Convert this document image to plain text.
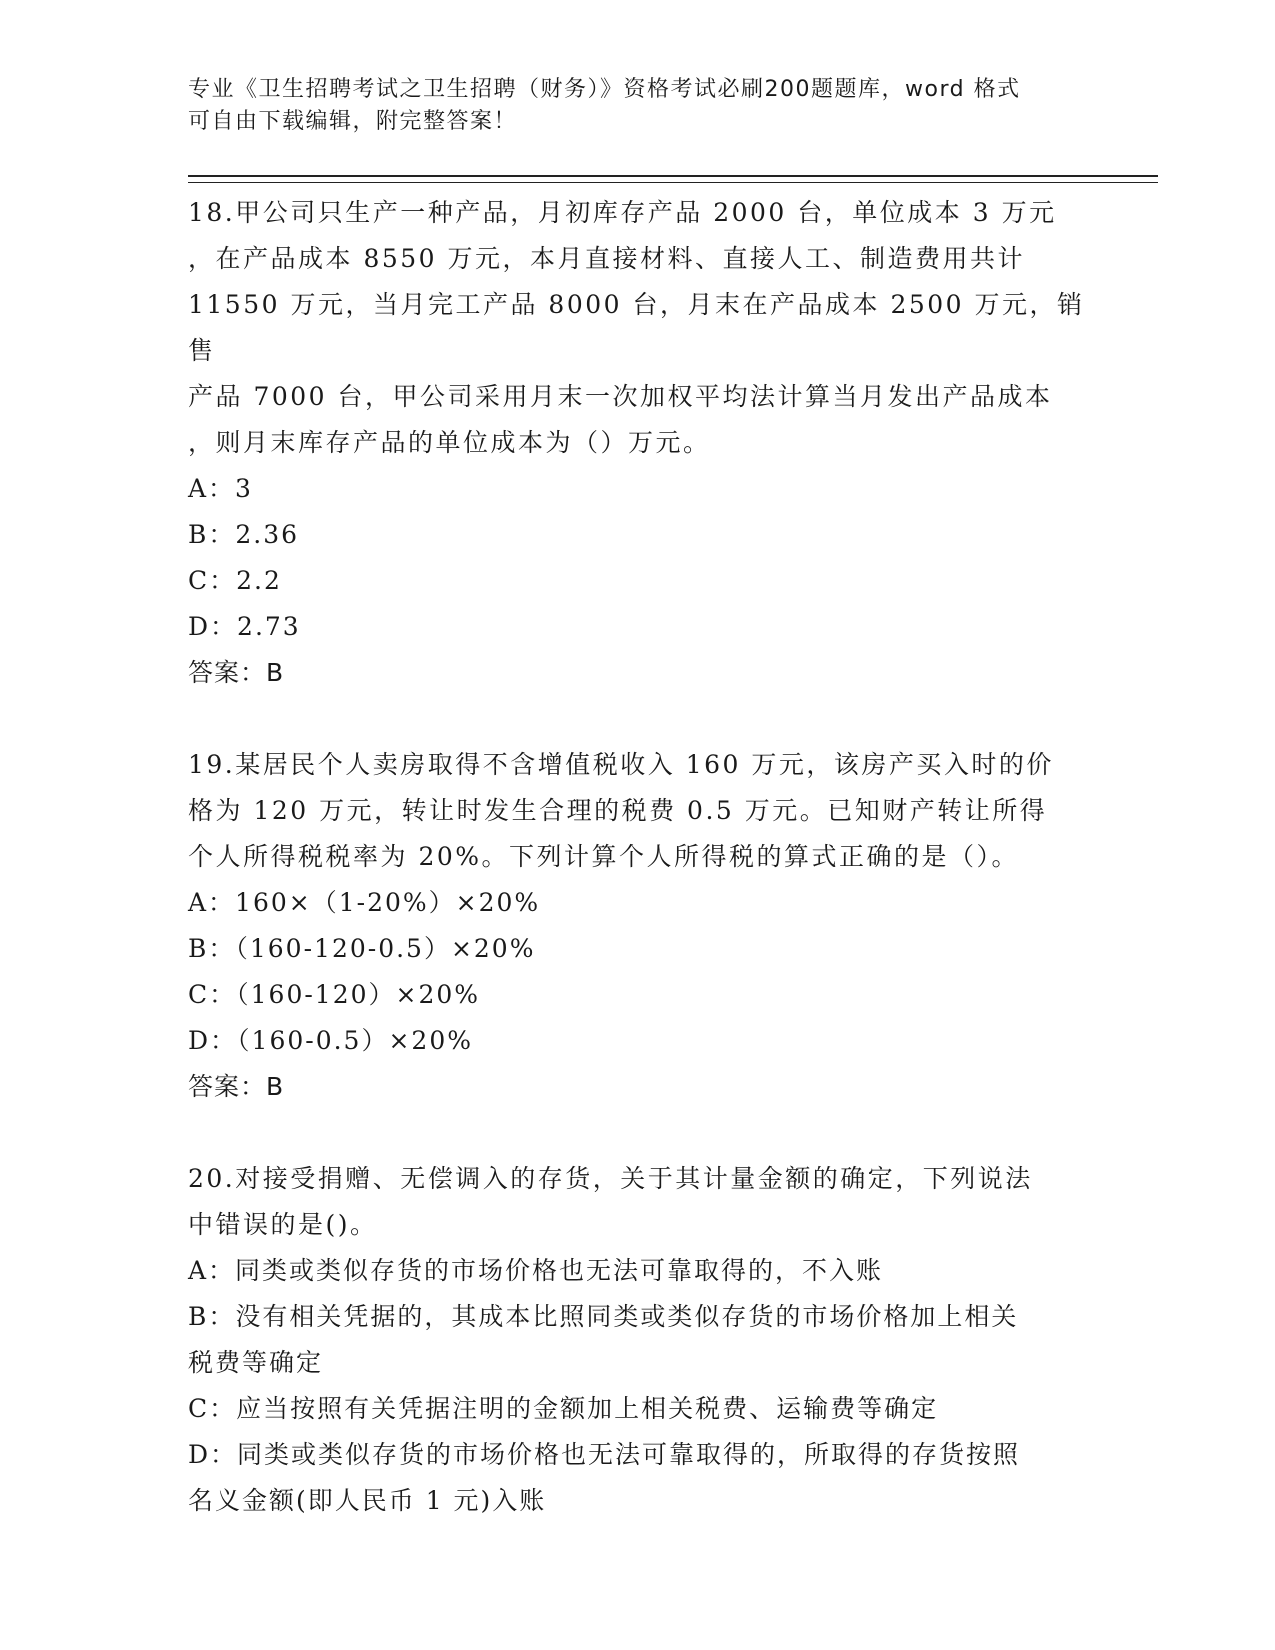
专业《卫生招聘考试之卫生招聘（财务）》资格考试必刷200题题库，word 格式

可自由下载编辑，附完整答案！

18.甲公司只生产一种产品，月初库存产品 2000 台，单位成本 3 万元

，在产品成本 8550 万元，本月直接材料、直接人工、制造费用共计

11550 万元，当月完工产品 8000 台，月末在产品成本 2500 万元，销售

产品 7000 台，甲公司采用月末一次加权平均法计算当月发出产品成本

，则月末库存产品的单位成本为（）万元。

A：3

B：2.36

C：2.2

D：2.73

答案：B

19.某居民个人卖房取得不含增值税收入 160 万元，该房产买入时的价

格为 120 万元，转让时发生合理的税费 0.5 万元。已知财产转让所得

个人所得税税率为 20%。下列计算个人所得税的算式正确的是（）。

A：160×（1-20%）×20%

B：（160-120-0.5）×20%

C：（160-120）×20%

D：（160-0.5）×20%

答案：B

20.对接受捐赠、无偿调入的存货，关于其计量金额的确定，下列说法

中错误的是()。

A：同类或类似存货的市场价格也无法可靠取得的，不入账

B：没有相关凭据的，其成本比照同类或类似存货的市场价格加上相关

税费等确定

C：应当按照有关凭据注明的金额加上相关税费、运输费等确定

D：同类或类似存货的市场价格也无法可靠取得的，所取得的存货按照

名义金额(即人民币 1 元)入账
